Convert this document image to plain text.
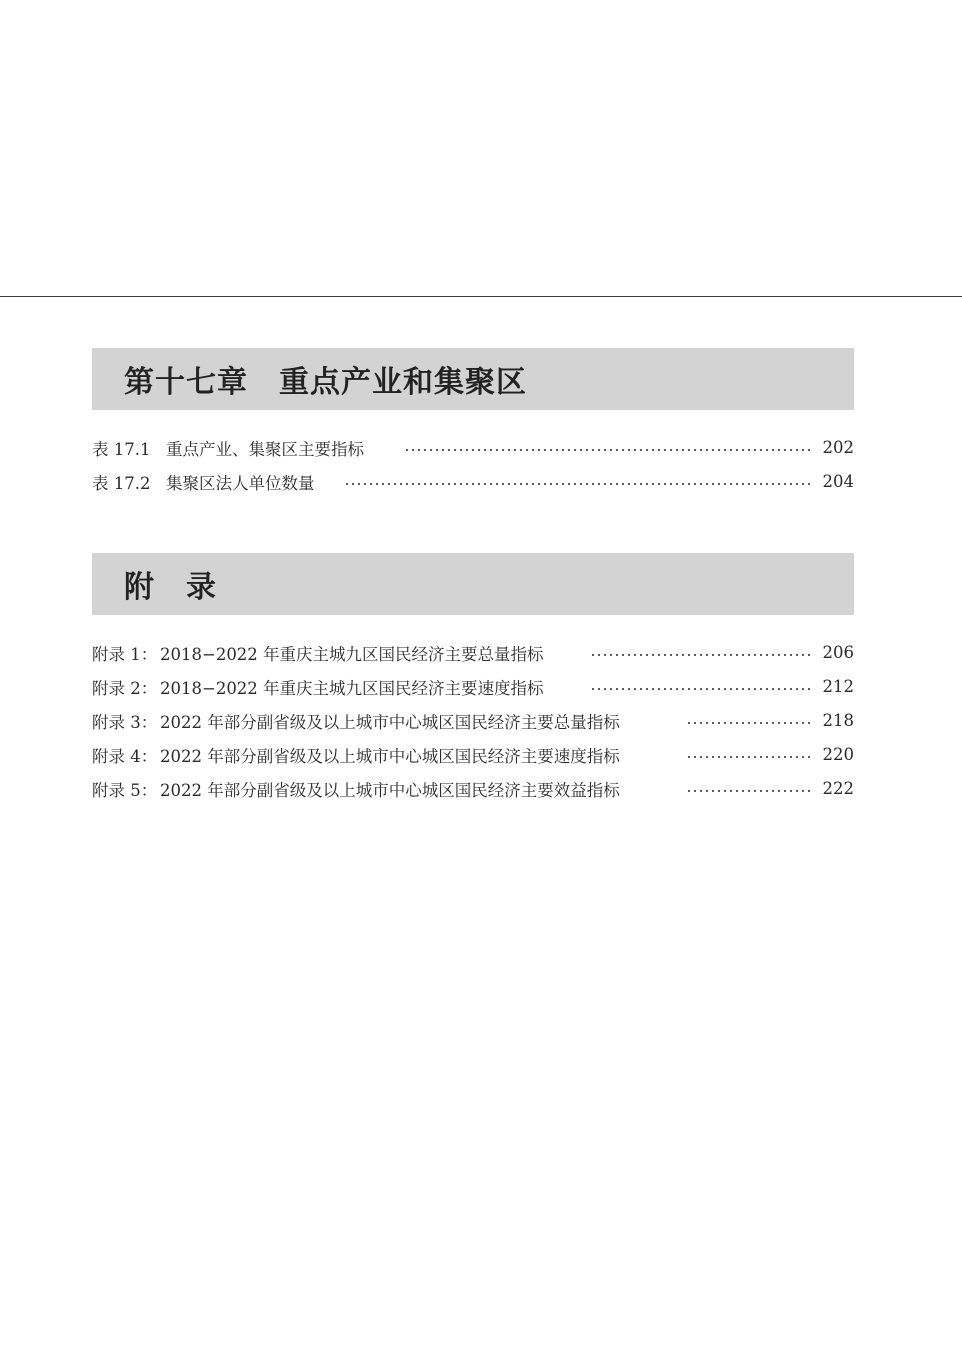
第十七章　重点产业和集聚区
表 17.1 重点产业、集聚区主要指标	202
表 17.2 集聚区法人单位数量	204
附　录
附录 1： 2018−2022 年重庆主城九区国民经济主要总量指标	206
附录 2： 2018−2022 年重庆主城九区国民经济主要速度指标	212
附录 3： 2022 年部分副省级及以上城市中心城区国民经济主要总量指标	218
附录 4： 2022 年部分副省级及以上城市中心城区国民经济主要速度指标	220
附录 5： 2022 年部分副省级及以上城市中心城区国民经济主要效益指标	222
